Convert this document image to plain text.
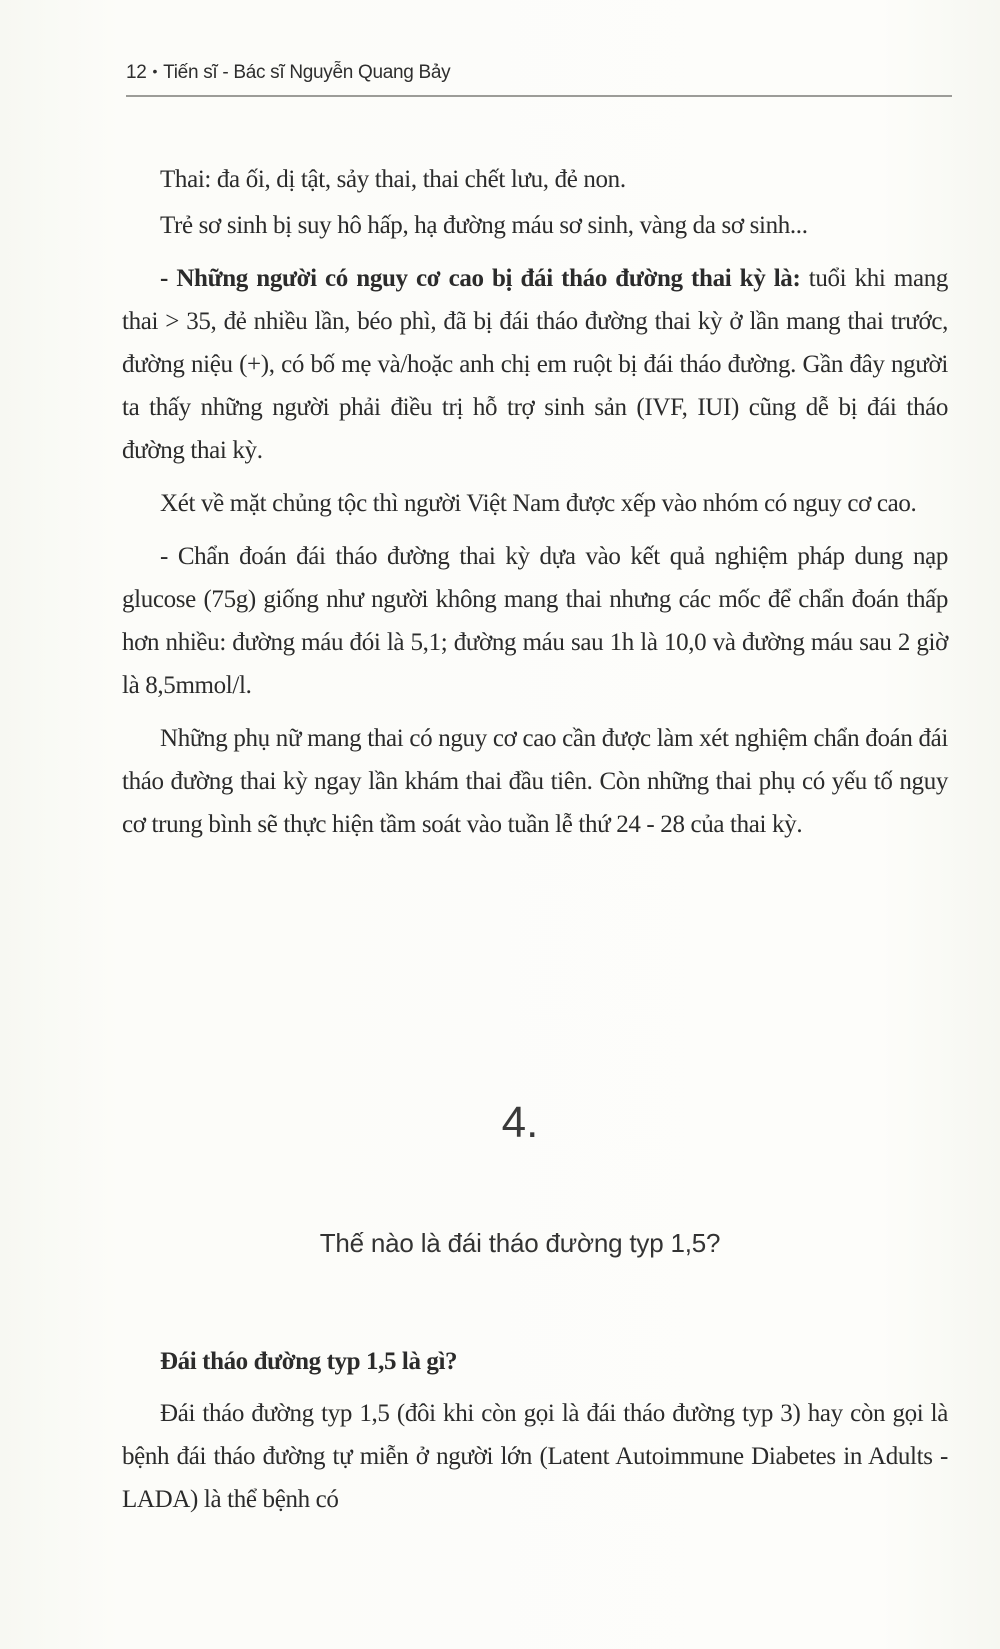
12 • Tiến sĩ - Bác sĩ Nguyễn Quang Bảy

Thai: đa ối, dị tật, sảy thai, thai chết lưu, đẻ non.

Trẻ sơ sinh bị suy hô hấp, hạ đường máu sơ sinh, vàng da sơ sinh...

- Những người có nguy cơ cao bị đái tháo đường thai kỳ là: tuổi khi mang thai > 35, đẻ nhiều lần, béo phì, đã bị đái tháo đường thai kỳ ở lần mang thai trước, đường niệu (+), có bố mẹ và/hoặc anh chị em ruột bị đái tháo đường. Gần đây người ta thấy những người phải điều trị hỗ trợ sinh sản (IVF, IUI) cũng dễ bị đái tháo đường thai kỳ.

Xét về mặt chủng tộc thì người Việt Nam được xếp vào nhóm có nguy cơ cao.

- Chẩn đoán đái tháo đường thai kỳ dựa vào kết quả nghiệm pháp dung nạp glucose (75g) giống như người không mang thai nhưng các mốc để chẩn đoán thấp hơn nhiều: đường máu đói là 5,1; đường máu sau 1h là 10,0 và đường máu sau 2 giờ là 8,5mmol/l.

Những phụ nữ mang thai có nguy cơ cao cần được làm xét nghiệm chẩn đoán đái tháo đường thai kỳ ngay lần khám thai đầu tiên. Còn những thai phụ có yếu tố nguy cơ trung bình sẽ thực hiện tầm soát vào tuần lễ thứ 24 - 28 của thai kỳ.

4.
Thế nào là đái tháo đường typ 1,5?
Đái tháo đường typ 1,5 là gì?

Đái tháo đường typ 1,5 (đôi khi còn gọi là đái tháo đường typ 3) hay còn gọi là bệnh đái tháo đường tự miễn ở người lớn (Latent Autoimmune Diabetes in Adults - LADA) là thể bệnh có
